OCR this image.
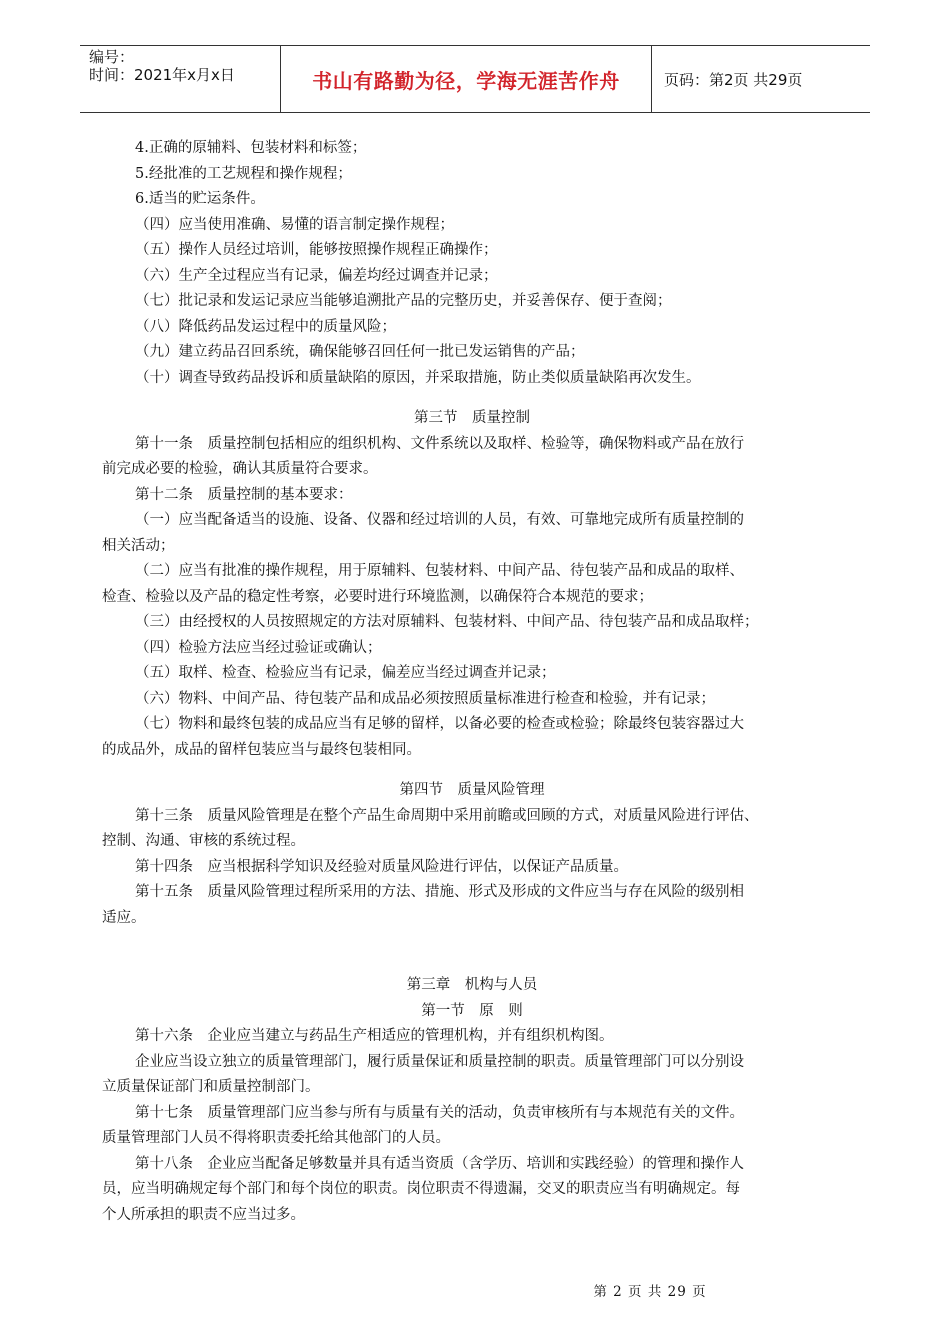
编号：
时间：2021年x月x日	书山有路勤为径，学海无涯苦作舟	页码：第2页 共29页
4.正确的原辅料、包装材料和标签；
5.经批准的工艺规程和操作规程；
6.适当的贮运条件。
（四）应当使用准确、易懂的语言制定操作规程；
（五）操作人员经过培训，能够按照操作规程正确操作；
（六）生产全过程应当有记录，偏差均经过调查并记录；
（七）批记录和发运记录应当能够追溯批产品的完整历史，并妥善保存、便于查阅；
（八）降低药品发运过程中的质量风险；
（九）建立药品召回系统，确保能够召回任何一批已发运销售的产品；
（十）调查导致药品投诉和质量缺陷的原因，并采取措施，防止类似质量缺陷再次发生。
第三节　质量控制
第十一条　质量控制包括相应的组织机构、文件系统以及取样、检验等，确保物料或产品在放行
前完成必要的检验，确认其质量符合要求。
第十二条　质量控制的基本要求：
（一）应当配备适当的设施、设备、仪器和经过培训的人员，有效、可靠地完成所有质量控制的
相关活动；
（二）应当有批准的操作规程，用于原辅料、包装材料、中间产品、待包装产品和成品的取样、
检查、检验以及产品的稳定性考察，必要时进行环境监测，以确保符合本规范的要求；
（三）由经授权的人员按照规定的方法对原辅料、包装材料、中间产品、待包装产品和成品取样；
（四）检验方法应当经过验证或确认；
（五）取样、检查、检验应当有记录，偏差应当经过调查并记录；
（六）物料、中间产品、待包装产品和成品必须按照质量标准进行检查和检验，并有记录；
（七）物料和最终包装的成品应当有足够的留样，以备必要的检查或检验；除最终包装容器过大
的成品外，成品的留样包装应当与最终包装相同。
第四节　质量风险管理
第十三条　质量风险管理是在整个产品生命周期中采用前瞻或回顾的方式，对质量风险进行评估、
控制、沟通、审核的系统过程。
第十四条　应当根据科学知识及经验对质量风险进行评估，以保证产品质量。
第十五条　质量风险管理过程所采用的方法、措施、形式及形成的文件应当与存在风险的级别相
适应。
第三章　机构与人员
第一节　原　则
第十六条　企业应当建立与药品生产相适应的管理机构，并有组织机构图。
企业应当设立独立的质量管理部门，履行质量保证和质量控制的职责。质量管理部门可以分别设
立质量保证部门和质量控制部门。
第十七条　质量管理部门应当参与所有与质量有关的活动，负责审核所有与本规范有关的文件。
质量管理部门人员不得将职责委托给其他部门的人员。
第十八条　企业应当配备足够数量并具有适当资质（含学历、培训和实践经验）的管理和操作人
员，应当明确规定每个部门和每个岗位的职责。岗位职责不得遗漏，交叉的职责应当有明确规定。每
个人所承担的职责不应当过多。
第 2 页 共 29 页
